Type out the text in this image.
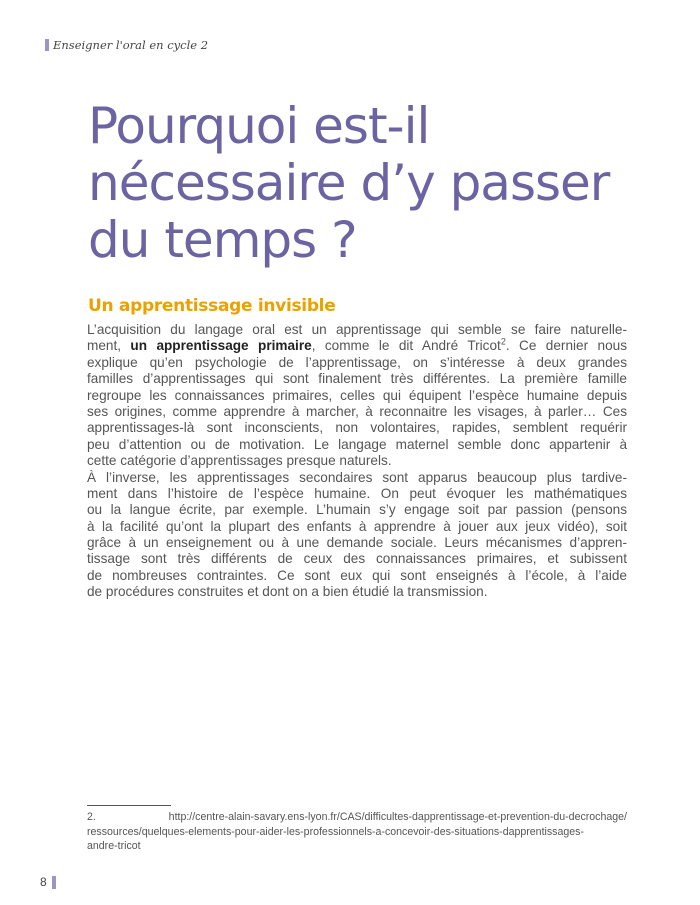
Enseigner l'oral en cycle 2
Pourquoi est-il
nécessaire d’y passer
du temps ?
Un apprentissage invisible
L’acquisition du langage oral est un apprentissage qui semble se faire naturelle-
ment, un apprentissage primaire, comme le dit André Tricot$^2$. Ce dernier nous
explique qu’en psychologie de l’apprentissage, on s’intéresse à deux grandes
familles d’apprentissages qui sont finalement très différentes. La première famille
regroupe les connaissances primaires, celles qui équipent l’espèce humaine depuis
ses origines, comme apprendre à marcher, à reconnaitre les visages, à parler… Ces
apprentissages-là sont inconscients, non volontaires, rapides, semblent requérir
peu d’attention ou de motivation. Le langage maternel semble donc appartenir à
cette catégorie d’apprentissages presque naturels.
À l’inverse, les apprentissages secondaires sont apparus beaucoup plus tardive-
ment dans l’histoire de l’espèce humaine. On peut évoquer les mathématiques
ou la langue écrite, par exemple. L’humain s’y engage soit par passion (pensons
à la facilité qu’ont la plupart des enfants à apprendre à jouer aux jeux vidéo), soit
grâce à un enseignement ou à une demande sociale. Leurs mécanismes d’appren-
tissage sont très différents de ceux des connaissances primaires, et subissent
de nombreuses contraintes. Ce sont eux qui sont enseignés à l’école, à l’aide
de procédures construites et dont on a bien étudié la transmission.
2.     http://centre-alain-savary.ens-lyon.fr/CAS/difficultes-dapprentissage-et-prevention-du-decrochage/
ressources/quelques-elements-pour-aider-les-professionnels-a-concevoir-des-situations-dapprentissages-
andre-tricot
8
